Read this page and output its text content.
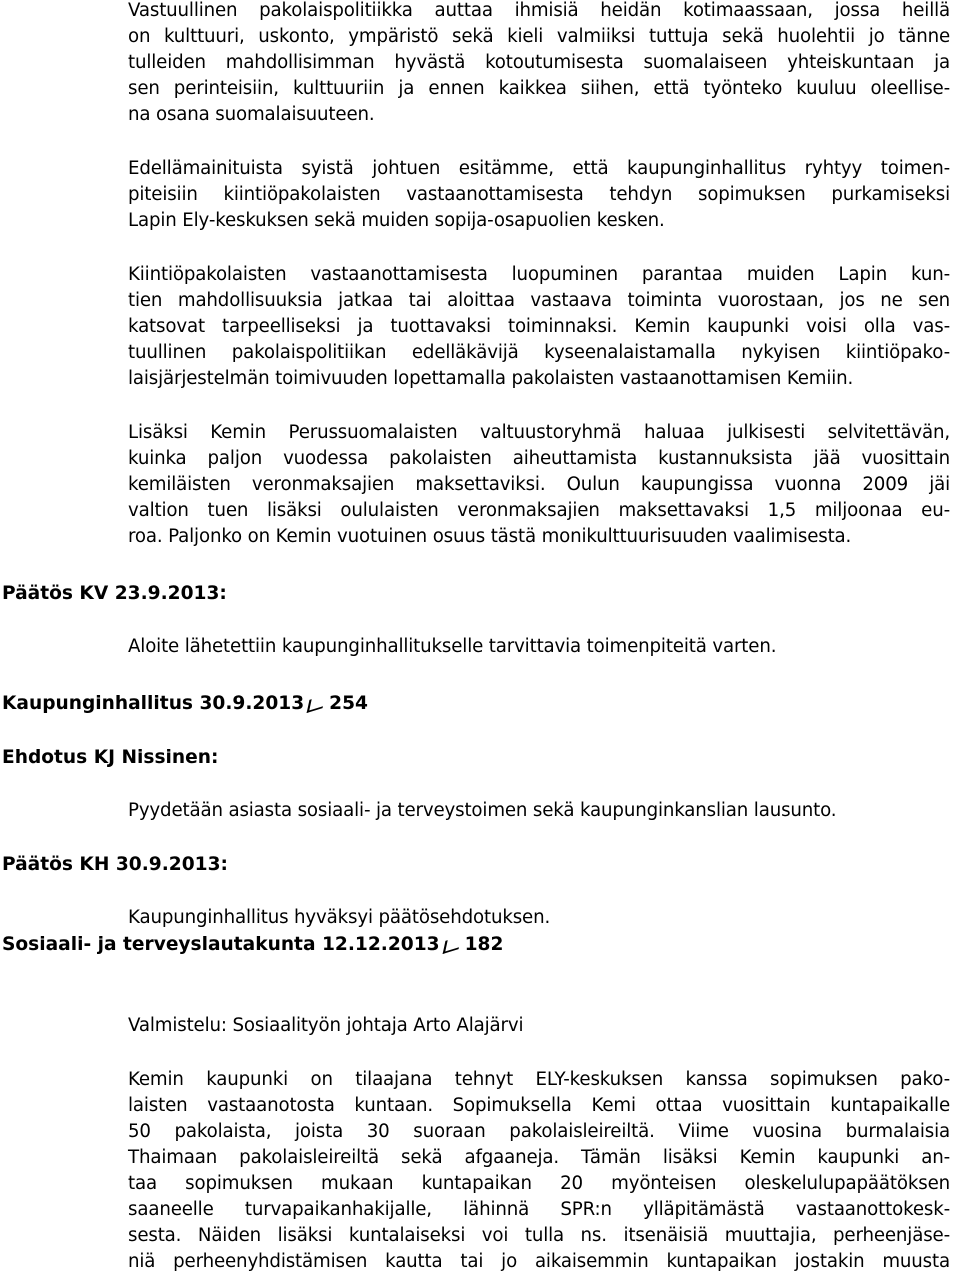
Vastuullinen pakolaispolitiikka auttaa ihmisiä heidän kotimaassaan, jossa heillä
on kulttuuri, uskonto, ympäristö sekä kieli valmiiksi tuttuja sekä huolehtii jo tänne
tulleiden mahdollisimman hyvästä kotoutumisesta suomalaiseen yhteiskuntaan ja
sen perinteisiin, kulttuuriin ja ennen kaikkea siihen, että työnteko kuuluu oleellise-
na osana suomalaisuuteen.
Edellämainituista syistä johtuen esitämme, että kaupunginhallitus ryhtyy toimen-
piteisiin kiintiöpakolaisten vastaanottamisesta tehdyn sopimuksen purkamiseksi
Lapin Ely-keskuksen sekä muiden sopija-osapuolien kesken.
Kiintiöpakolaisten vastaanottamisesta luopuminen parantaa muiden Lapin kun-
tien mahdollisuuksia jatkaa tai aloittaa vastaava toiminta vuorostaan, jos ne sen
katsovat tarpeelliseksi ja tuottavaksi toiminnaksi. Kemin kaupunki voisi olla vas-
tuullinen pakolaispolitiikan edelläkävijä kyseenalaistamalla nykyisen kiintiöpako-
laisjärjestelmän toimivuuden lopettamalla pakolaisten vastaanottamisen Kemiin.
Lisäksi Kemin Perussuomalaisten valtuustoryhmä haluaa julkisesti selvitettävän,
kuinka paljon vuodessa pakolaisten aiheuttamista kustannuksista jää vuosittain
kemiläisten veronmaksajien maksettaviksi. Oulun kaupungissa vuonna 2009 jäi
valtion tuen lisäksi oululaisten veronmaksajien maksettavaksi 1,5 miljoonaa eu-
roa. Paljonko on Kemin vuotuinen osuus tästä monikulttuurisuuden vaalimisesta.
Päätös KV 23.9.2013:
Aloite lähetettiin kaupunginhallitukselle tarvittavia toimenpiteitä varten.
Kaupunginhallitus 30.9.2013 254
Ehdotus KJ Nissinen:
Pyydetään asiasta sosiaali- ja terveystoimen sekä kaupunginkanslian lausunto.
Päätös KH 30.9.2013:
Kaupunginhallitus hyväksyi päätösehdotuksen.
Sosiaali- ja terveyslautakunta 12.12.2013 182
Valmistelu: Sosiaalityön johtaja Arto Alajärvi
Kemin kaupunki on tilaajana tehnyt ELY-keskuksen kanssa sopimuksen pako-
laisten vastaanotosta kuntaan. Sopimuksella Kemi ottaa vuosittain kuntapaikalle
50 pakolaista, joista 30 suoraan pakolaisleireiltä. Viime vuosina burmalaisia
Thaimaan pakolaisleireiltä sekä afgaaneja. Tämän lisäksi Kemin kaupunki an-
taa sopimuksen mukaan kuntapaikan 20 myönteisen oleskelulupapäätöksen
saaneelle turvapaikanhakijalle, lähinnä SPR:n ylläpitämästä vastaanottokesk-
sesta. Näiden lisäksi kuntalaiseksi voi tulla ns. itsenäisiä muuttajia, perheenjäse-
niä perheenyhdistämisen kautta tai jo aikaisemmin kuntapaikan jostakin muusta
